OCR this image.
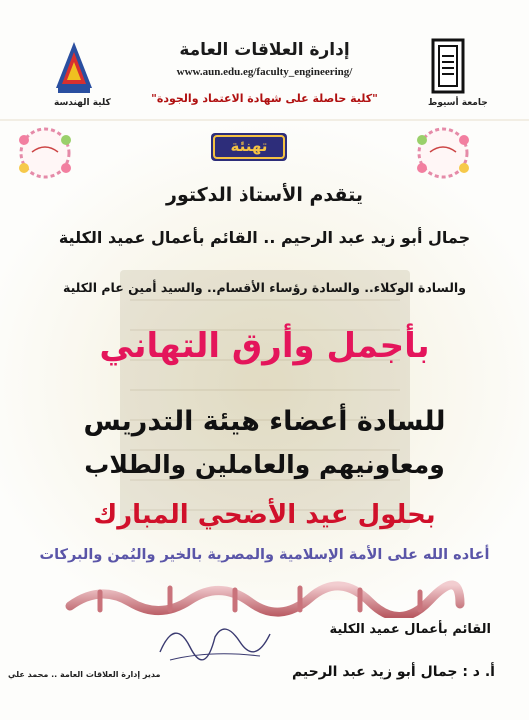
كلية الهندسة	جامعة أسيوط
إدارة العلاقات العامة
www.aun.edu.eg/faculty_engineering/
"كلية حاصلة على شهادة الاعتماد والجودة"
تهنئة
يتقدم الأستاذ الدكتور
جمال أبو زيد عبد الرحيم .. القائم بأعمال عميد الكلية
والسادة الوكلاء.. والسادة رؤساء الأقسام.. والسيد أمين عام الكلية
بأجمل وأرق التهاني
للسادة أعضاء هيئة التدريس
ومعاونيهم والعاملين والطلاب
بحلول عيد الأضحي المبارك
أعاده الله على الأمة الإسلامية والمصرية بالخير واليُمن والبركات
القائم بأعمال عميد الكلية
أ. د : جمال أبو زيد عبد الرحيم
مدير إدارة العلاقات العامة .. محمد علي
